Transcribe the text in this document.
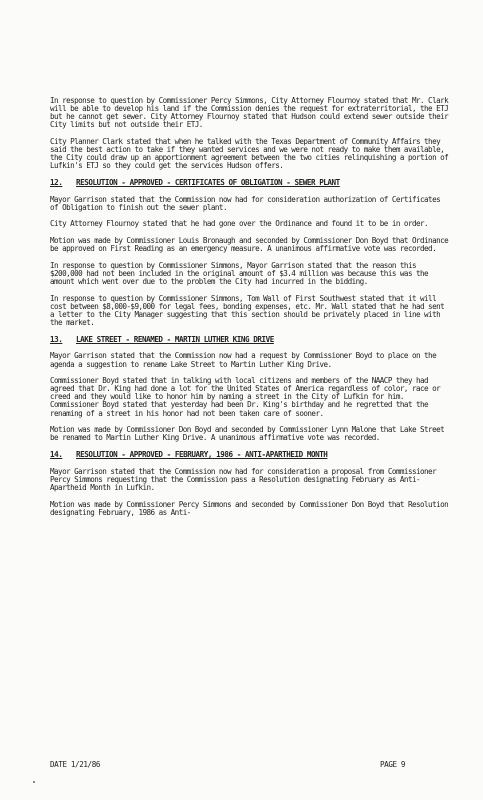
In response to question by Commissioner Percy Simmons, City Attorney Flournoy stated that Mr. Clark will be able to develop his land if the Commission denies the request for extraterritorial, the ETJ but he cannot get sewer. City Attorney Flournoy stated that Hudson could extend sewer outside their City limits but not outside their ETJ.

City Planner Clark stated that when he talked with the Texas Department of Community Affairs they said the best action to take if they wanted services and we were not ready to make them available, the City could draw up an apportionment agreement between the two cities relinquishing a portion of Lufkin's ETJ so they could get the services Hudson offers.

12.	RESOLUTION - APPROVED - CERTIFICATES OF OBLIGATION - SEWER PLANT

Mayor Garrison stated that the Commission now had for consideration authorization of Certificates of Obligation to finish out the sewer plant.

City Attorney Flournoy stated that he had gone over the Ordinance and found it to be in order.

Motion was made by Commissioner Louis Bronaugh and seconded by Commissioner Don Boyd that Ordinance be approved on First Reading as an emergency measure. A unanimous affirmative vote was recorded.

In response to question by Commissioner Simmons, Mayor Garrison stated that the reason this $200,000 had not been included in the original amount of $3.4 million was because this was the amount which went over due to the problem the City had incurred in the bidding.

In response to question by Commissioner Simmons, Tom Wall of First Southwest stated that it will cost between $8,000-$9,000 for legal fees, bonding expenses, etc. Mr. Wall stated that he had sent a letter to the City Manager suggesting that this section should be privately placed in line with the market.

13.	LAKE STREET - RENAMED - MARTIN LUTHER KING DRIVE

Mayor Garrison stated that the Commission now had a request by Commissioner Boyd to place on the agenda a suggestion to rename Lake Street to Martin Luther King Drive.

Commissioner Boyd stated that in talking with local citizens and members of the NAACP they had agreed that Dr. King had done a lot for the United States of America regardless of color, race or creed and they would like to honor him by naming a street in the City of Lufkin for him. Commissioner Boyd stated that yesterday had been Dr. King's birthday and he regretted that the renaming of a street in his honor had not been taken care of sooner.

Motion was made by Commissioner Don Boyd and seconded by Commissioner Lynn Malone that Lake Street be renamed to Martin Luther King Drive. A unanimous affirmative vote was recorded.

14.	RESOLUTION - APPROVED - FEBRUARY, 1986 - ANTI-APARTHEID MONTH

Mayor Garrison stated that the Commission now had for consideration a proposal from Commissioner Percy Simmons requesting that the Commission pass a Resolution designating February as Anti-Apartheid Month in Lufkin.

Motion was made by Commissioner Percy Simmons and seconded by Commissioner Don Boyd that Resolution designating February, 1986 as Anti-

DATE 1/21/86	PAGE 9
